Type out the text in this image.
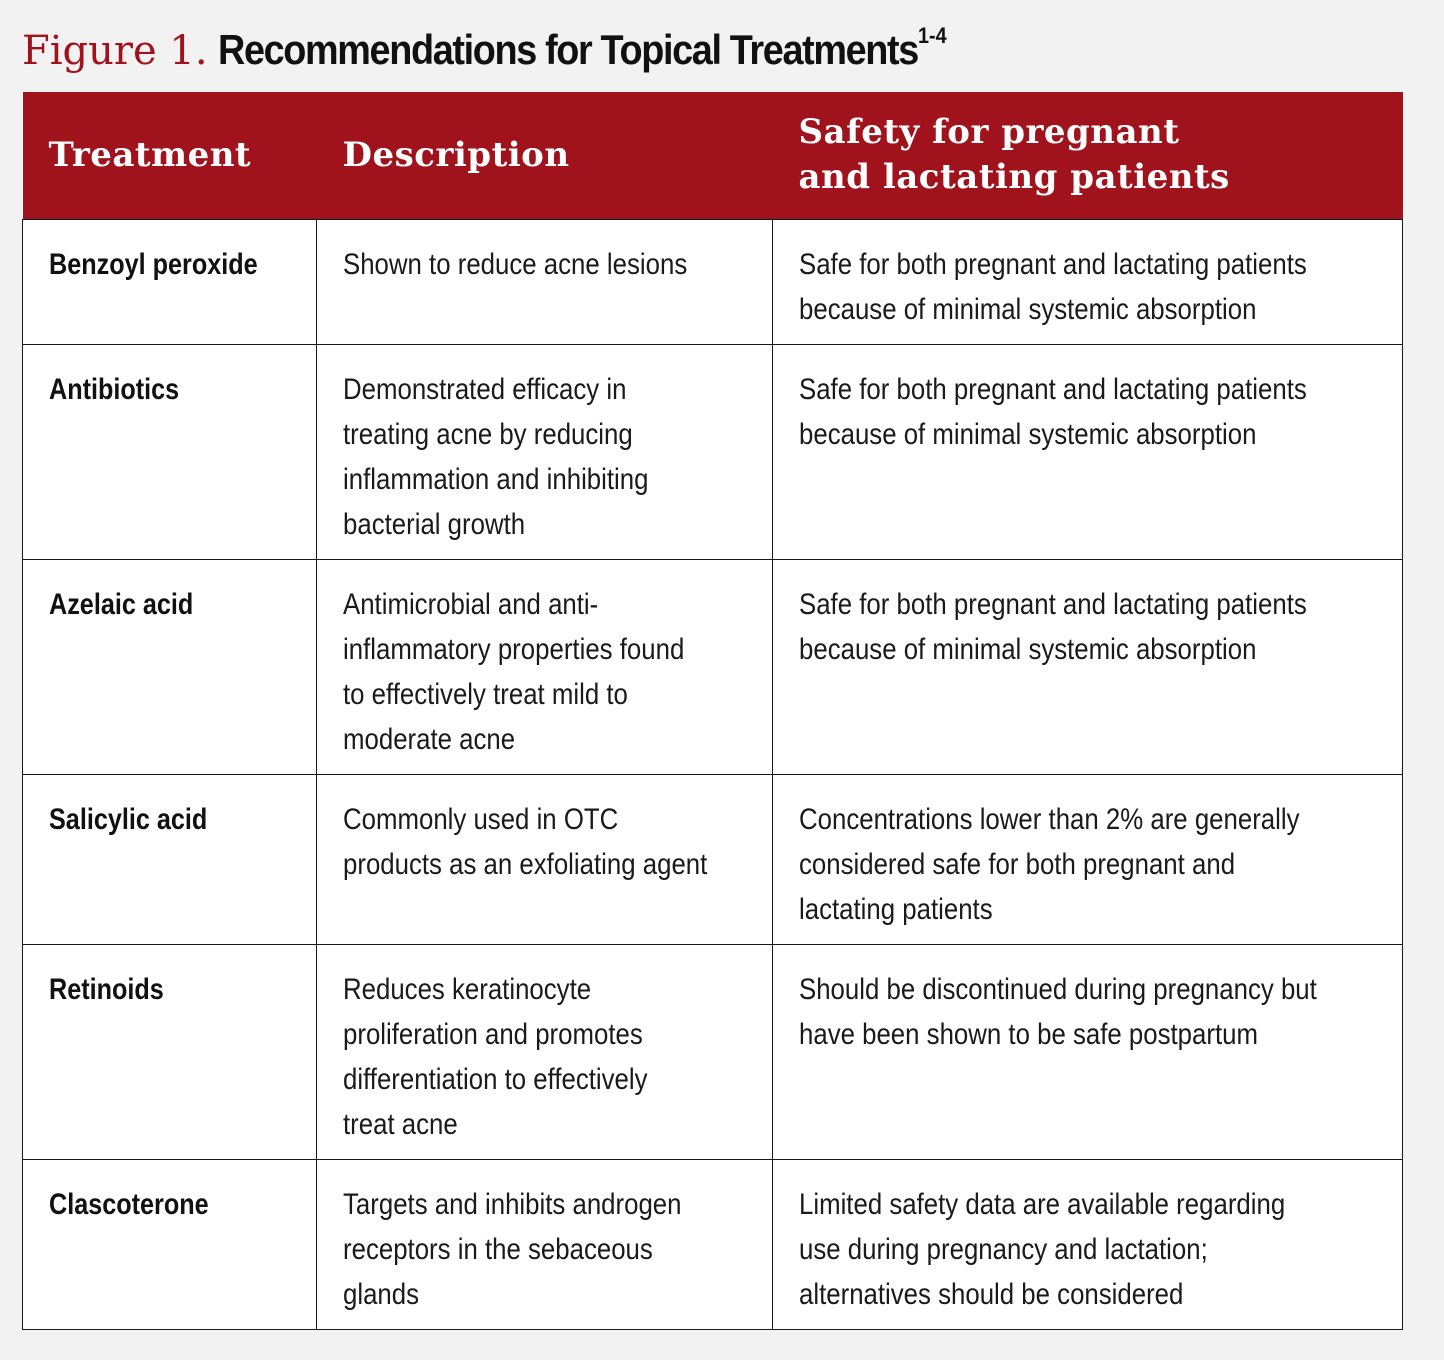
Figure 1. Recommendations for Topical Treatments$^{1-4}$
Treatment	Description	Safety for pregnant
and lactating patients

Benzoyl peroxide	Shown to reduce acne lesions	Safe for both pregnant and lactating patients
because of minimal systemic absorption

Antibiotics	Demonstrated efficacy in
treating acne by reducing
inflammation and inhibiting
bacterial growth	Safe for both pregnant and lactating patients
because of minimal systemic absorption

Azelaic acid	Antimicrobial and anti-
inflammatory properties found
to effectively treat mild to
moderate acne	Safe for both pregnant and lactating patients
because of minimal systemic absorption

Salicylic acid	Commonly used in OTC
products as an exfoliating agent	Concentrations lower than 2% are generally
considered safe for both pregnant and
lactating patients

Retinoids	Reduces keratinocyte
proliferation and promotes
differentiation to effectively
treat acne	Should be discontinued during pregnancy but
have been shown to be safe postpartum

Clascoterone	Targets and inhibits androgen
receptors in the sebaceous
glands	Limited safety data are available regarding
use during pregnancy and lactation;
alternatives should be considered
